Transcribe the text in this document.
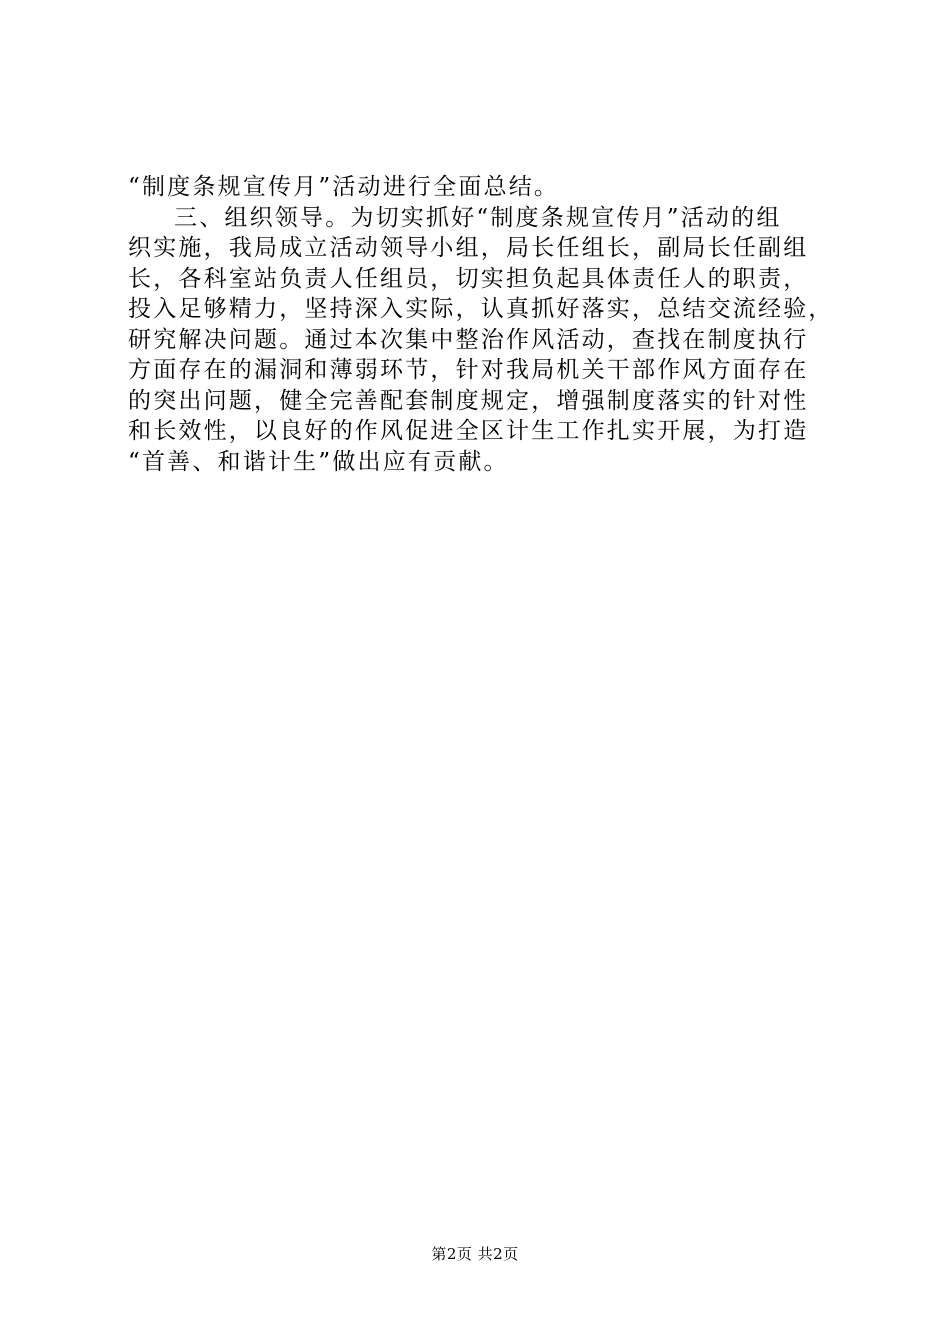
“制度条规宣传月”活动进行全面总结。
三、组织领导。为切实抓好“制度条规宣传月”活动的组
织实施，我局成立活动领导小组，局长任组长，副局长任副组
长，各科室站负责人任组员，切实担负起具体责任人的职责，
投入足够精力，坚持深入实际，认真抓好落实，总结交流经验，
研究解决问题。通过本次集中整治作风活动，查找在制度执行
方面存在的漏洞和薄弱环节，针对我局机关干部作风方面存在
的突出问题，健全完善配套制度规定，增强制度落实的针对性
和长效性，以良好的作风促进全区计生工作扎实开展，为打造
“首善、和谐计生”做出应有贡献。
第2页 共2页
